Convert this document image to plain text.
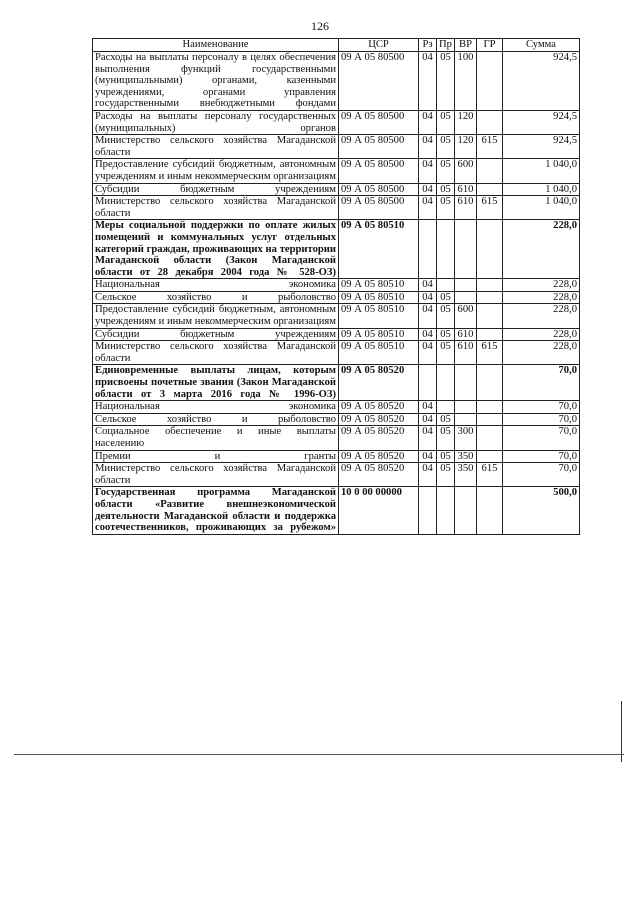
126
Наименование	ЦСР	Рз	Пр	ВР	ГР	Сумма
Расходы на выплаты персоналу в целях обеспечения выполнения функций государственными (муниципальными) органами, казенными учреждениями, органами управления государственными внебюджетными фондами	09 А 05 80500	04	05	100		924,5
Расходы на выплаты персоналу государственных (муниципальных) органов	09 А 05 80500	04	05	120		924,5
Министерство сельского хозяйства Магаданской области	09 А 05 80500	04	05	120	615	924,5
Предоставление субсидий бюджетным, автономным учреждениям и иным некоммерческим организациям	09 А 05 80500	04	05	600		1 040,0
Субсидии бюджетным учреждениям	09 А 05 80500	04	05	610		1 040,0
Министерство сельского хозяйства Магаданской области	09 А 05 80500	04	05	610	615	1 040,0
Меры социальной поддержки по оплате жилых помещений и коммунальных услуг отдельных категорий граждан, проживающих на территории Магаданской области (Закон Магаданской области от 28 декабря 2004 года № 528-ОЗ)	09 А 05 80510					228,0
Национальная экономика	09 А 05 80510	04				228,0
Сельское хозяйство и рыболовство	09 А 05 80510	04	05			228,0
Предоставление субсидий бюджетным, автономным учреждениям и иным некоммерческим организациям	09 А 05 80510	04	05	600		228,0
Субсидии бюджетным учреждениям	09 А 05 80510	04	05	610		228,0
Министерство сельского хозяйства Магаданской области	09 А 05 80510	04	05	610	615	228,0
Единовременные выплаты лицам, которым присвоены почетные звания (Закон Магаданской области от 3 марта 2016 года № 1996-ОЗ)	09 А 05 80520					70,0
Национальная экономика	09 А 05 80520	04				70,0
Сельское хозяйство и рыболовство	09 А 05 80520	04	05			70,0
Социальное обеспечение и иные выплаты населению	09 А 05 80520	04	05	300		70,0
Премии и гранты	09 А 05 80520	04	05	350		70,0
Министерство сельского хозяйства Магаданской области	09 А 05 80520	04	05	350	615	70,0
Государственная программа Магаданской области «Развитие внешнеэкономической деятельности Магаданской области и поддержка соотечественников, проживающих за рубежом»	10 0 00 00000					500,0
